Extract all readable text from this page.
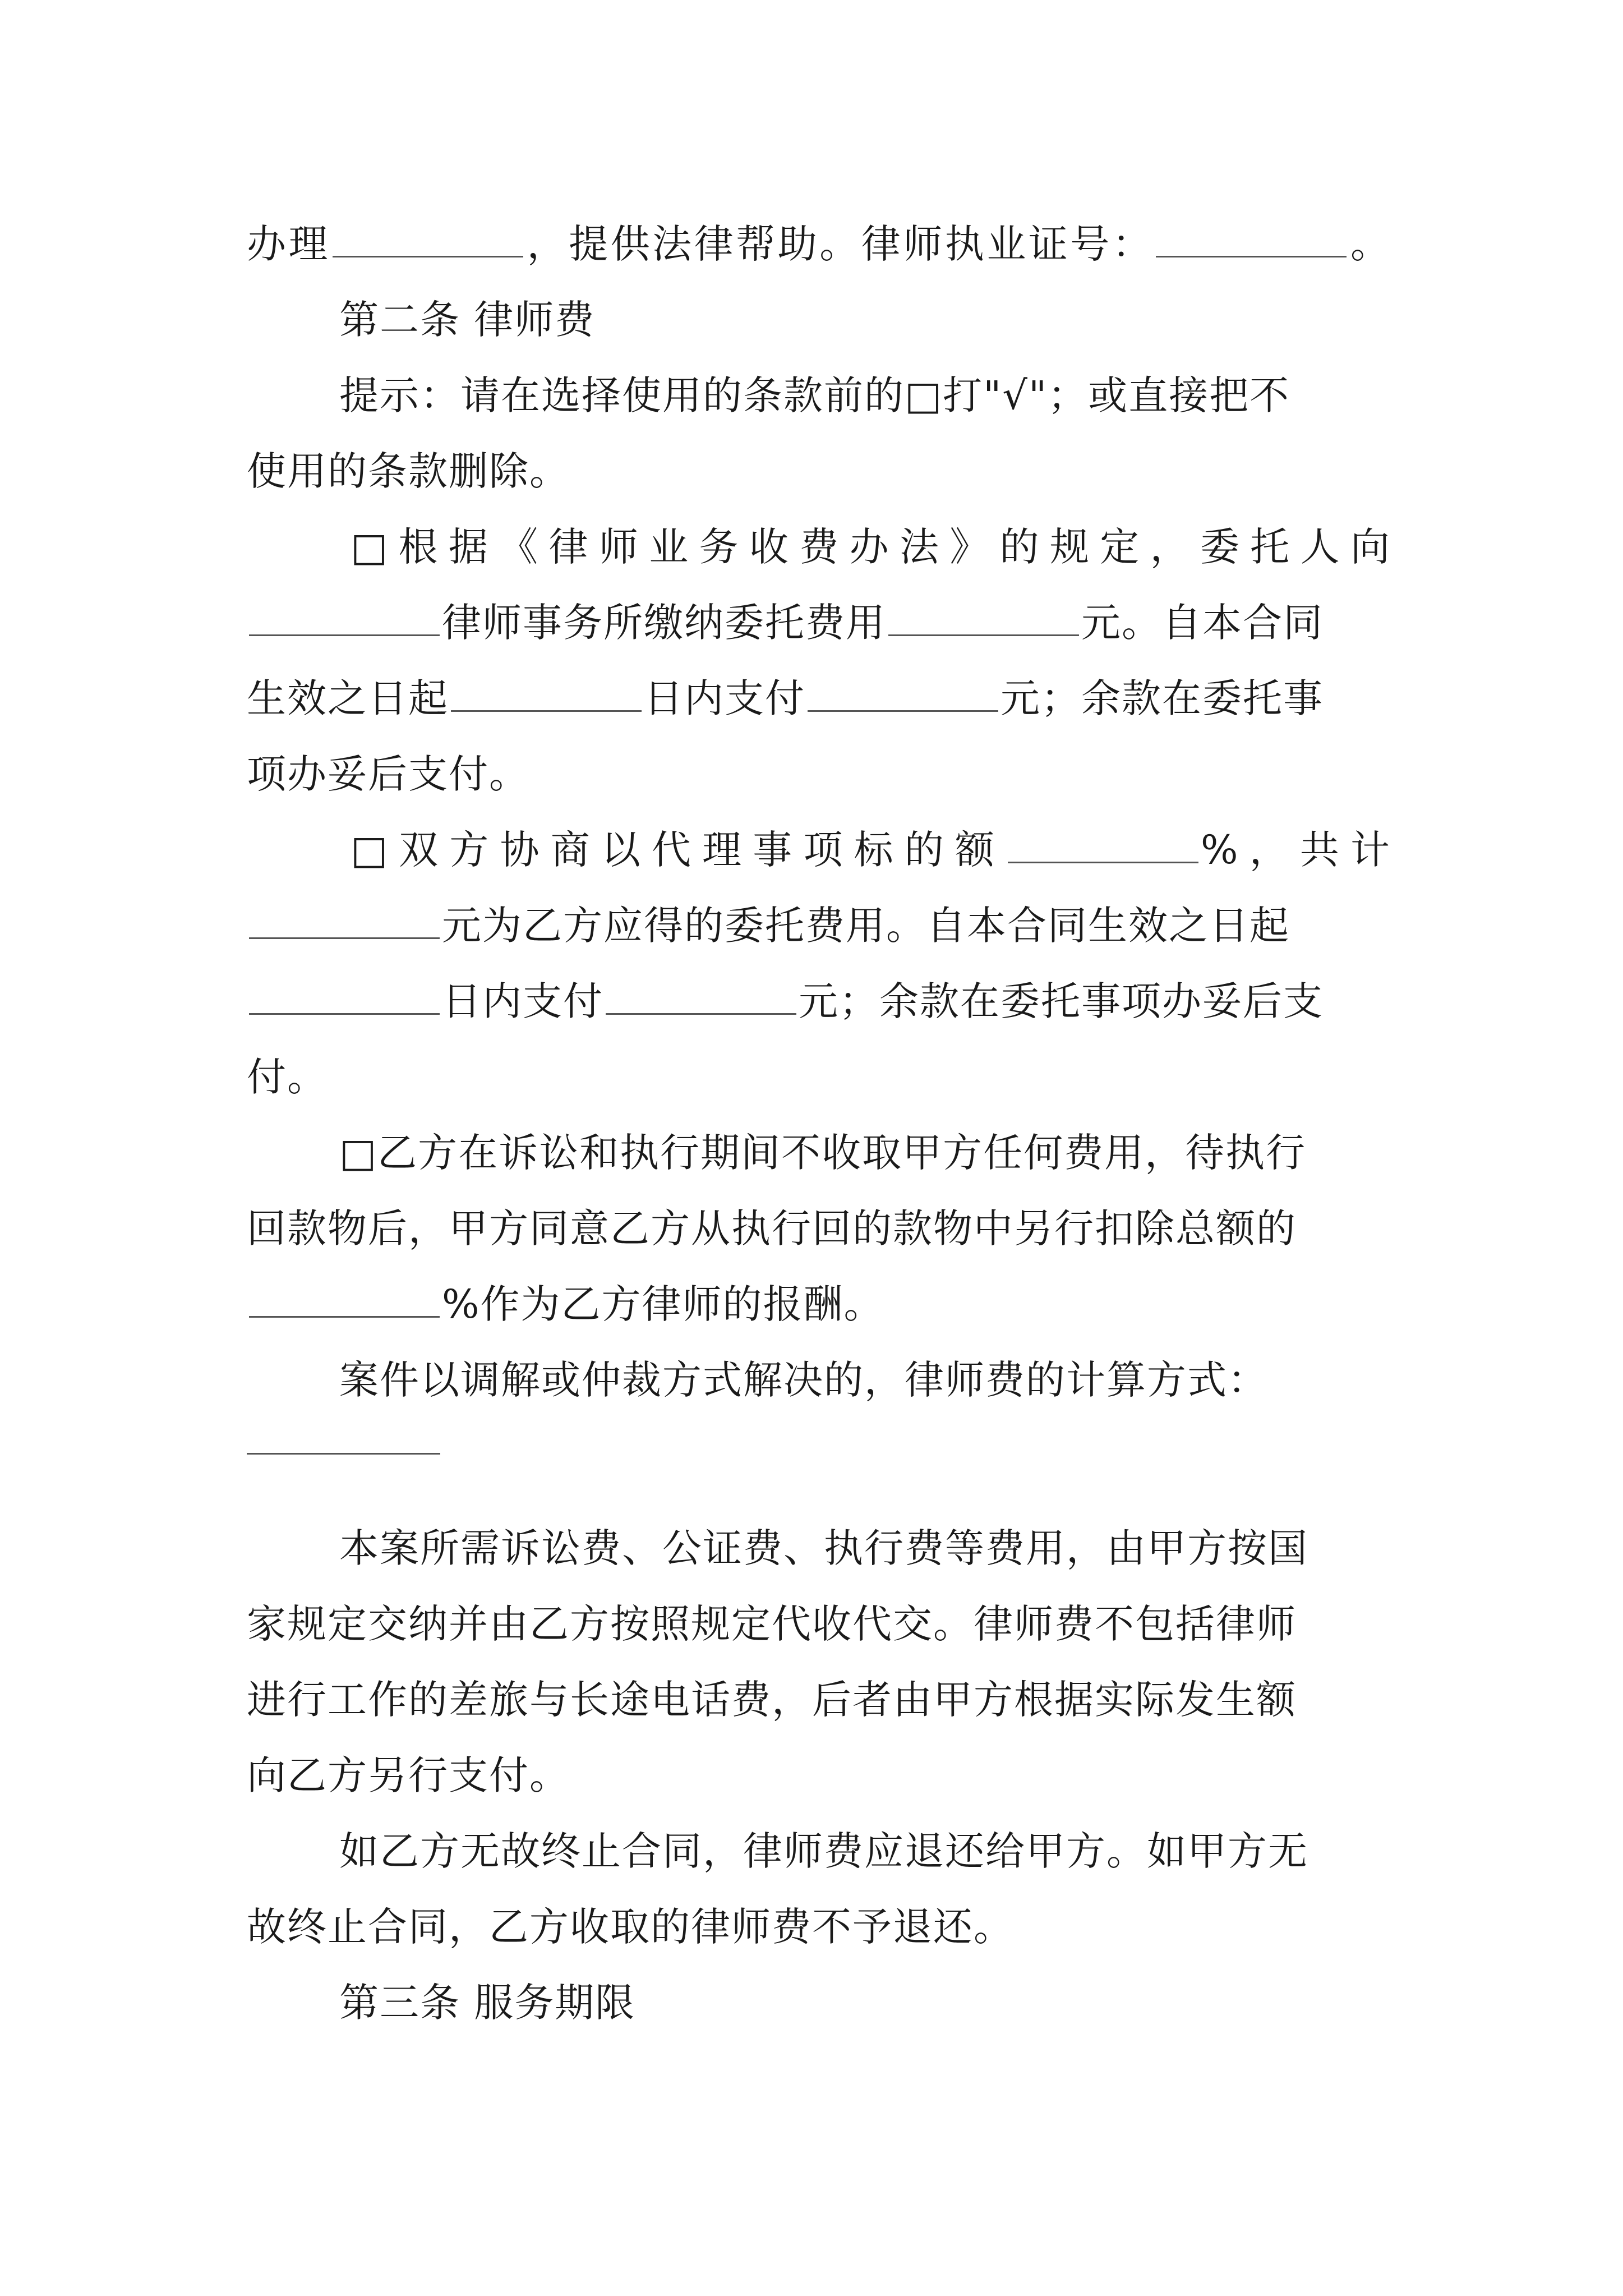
办理	，提供法律帮助。律师执业证号：	。
第二条 律师费
提示：请在选择使用的条款前的□打"√"；或直接把不
使用的条款删除。
□根据《律师业务收费办法》的规定，委托人向
律师事务所缴纳委托费用	元。自本合同
生效之日起	日内支付	元；余款在委托事
项办妥后支付。
□双方协商以代理事项标的额	%，共计
元为乙方应得的委托费用。自本合同生效之日起
日内支付	元；余款在委托事项办妥后支
付。
□乙方在诉讼和执行期间不收取甲方任何费用，待执行
回款物后，甲方同意乙方从执行回的款物中另行扣除总额的
%作为乙方律师的报酬。
案件以调解或仲裁方式解决的，律师费的计算方式：
本案所需诉讼费、公证费、执行费等费用，由甲方按国
家规定交纳并由乙方按照规定代收代交。律师费不包括律师
进行工作的差旅与长途电话费，后者由甲方根据实际发生额
向乙方另行支付。
如乙方无故终止合同，律师费应退还给甲方。如甲方无
故终止合同，乙方收取的律师费不予退还。
第三条 服务期限
